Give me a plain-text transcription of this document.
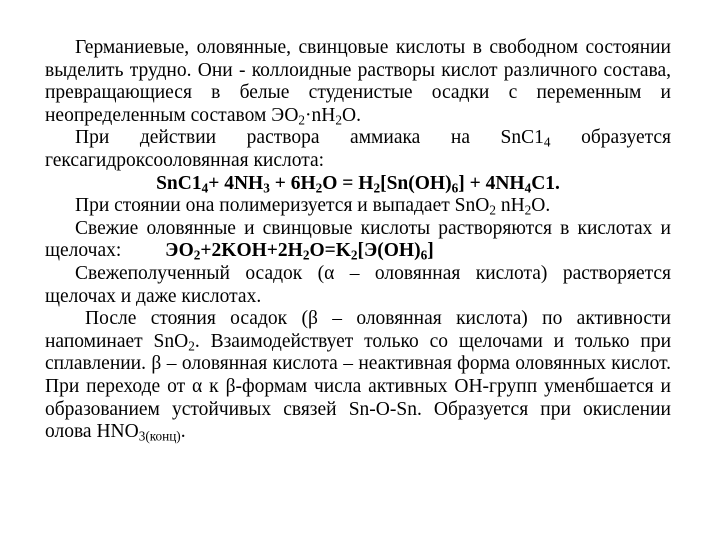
Германиевые, оловянные, свинцовые кислоты в свободном состоянии выделить трудно. Они - коллоидные растворы кислот различного состава, превращающиеся в белые студенистые осадки с переменным и неопределенным составом $ЭО_2\cdot nH_2O$.

При действии раствора аммиака на $SnC1_4$ образуется гексагидроксооловянная кислота:

$SnC1_4+ 4NH_3 + 6H_2O = H_2[Sn(OH)_6] + 4NH_4C1$.

При стоянии она полимеризуется и выпадает SnO$_2$ $nH_2O$.

Свежие оловянные и свинцовые кислоты растворяются в кислотах и щелочах: $ЭО_2+2KOH+2H_2O=K_2[Э(OH)_6]$

Свежеполученный осадок (α – оловянная кислота) растворяется щелочах и даже кислотах.

После стояния осадок (β – оловянная кислота) по активности напоминает SnO$_2$. Взаимодействует только со щелочами и только при сплавлении. β – оловянная кислота – неактивная форма оловянных кислот. При переходе от α к β-формам числа активных OH-групп уменбшается и образованием устойчивых связей Sn-O-Sn. Образуется при окислении олова $HNO_{3(конц)}$.
